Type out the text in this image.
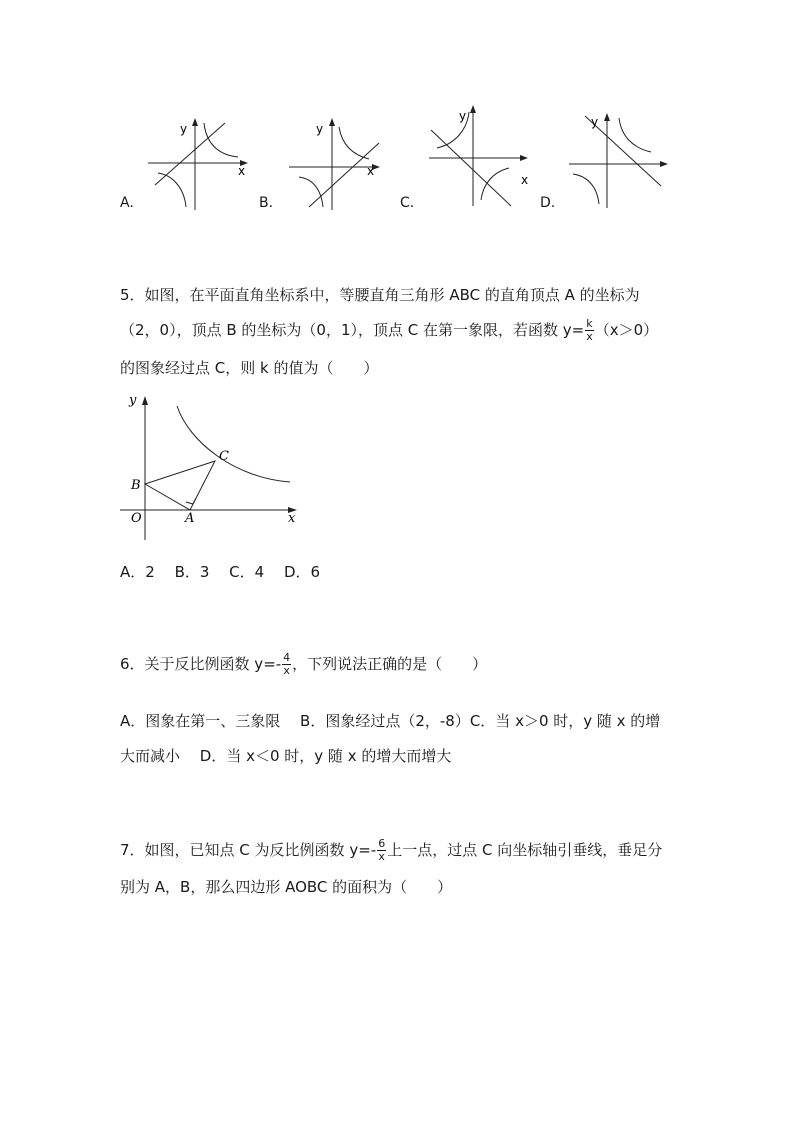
y
x
A.
y
x
B.
y
x
C.
y
D.
5．如图，在平面直角坐标系中，等腰直角三角形 ABC 的直角顶点 A 的坐标为
（2，0），顶点 B 的坐标为（0，1），顶点 C 在第一象限，若函数 $y= \frac{k}{x} (x>0)$
的图象经过点 C，则 k 的值为（　　）
y
x
O	A
B
C
A．2　 B．3　 C．4　 D．6
6．关于反比例函数 $y=- \frac{4}{x}$ ，下列说法正确的是（　　）
A．图象在第一、三象限　 B．图象经过点（2，-8）C．当 x＞0 时，y 随 x 的增
大而减小　 D．当 x＜0 时，y 随 x 的增大而增大
7．如图，已知点 C 为反比例函数 $y=- \frac{6}{x}$ 上一点，过点 C 向坐标轴引垂线，垂足分
别为 A，B，那么四边形 AOBC 的面积为（　　）
